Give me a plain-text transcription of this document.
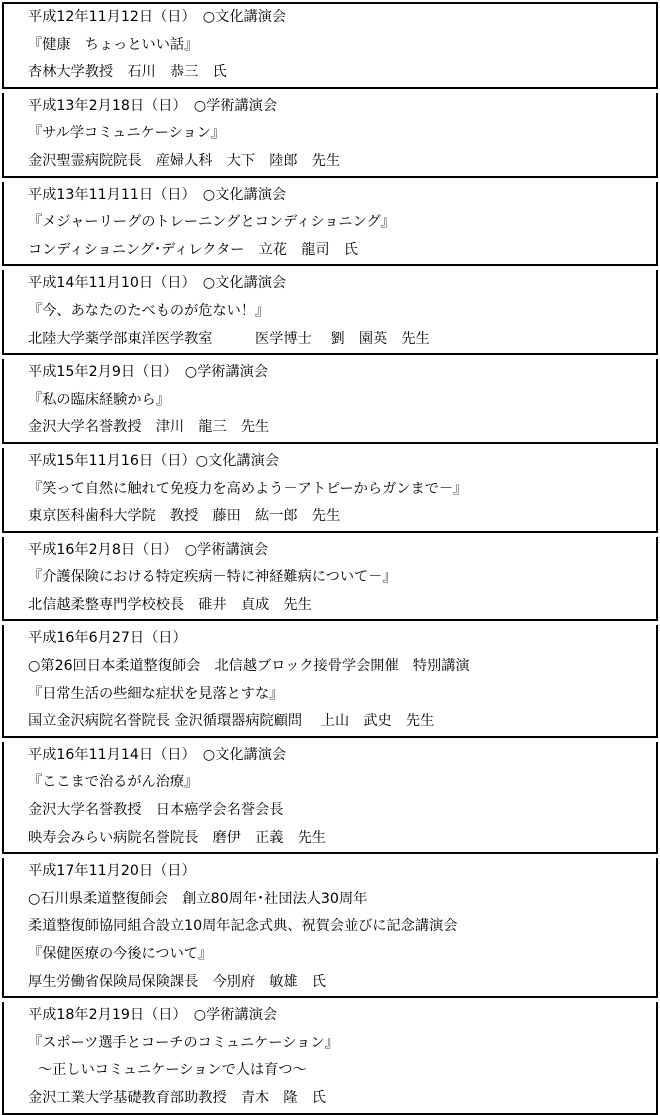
平成12年11月12日（日）　○文化講演会
『健康　ちょっといい話』
杏林大学教授　石川　恭三　氏
平成13年2月18日（日）　○学術講演会
『サル学コミュニケーション』
金沢聖霊病院院長　産婦人科　大下　陸郎　先生
平成13年11月11日（日）　○文化講演会
『メジャーリーグのトレーニングとコンディショニング』
コンディショニング･ディレクター　立花　龍司　氏
平成14年11月10日（日）　○文化講演会
『今、あなたのたべものが危ない！』
北陸大学薬学部東洋医学教室　　　医学博士　 劉　園英　先生
平成15年2月9日（日）　○学術講演会
『私の臨床経験から』
金沢大学名誉教授　津川　龍三　先生
平成15年11月16日（日）○文化講演会
『笑って自然に触れて免疫力を高めよう－アトピーからガンまで－』
東京医科歯科大学院　教授　藤田　紘一郎　先生
平成16年2月8日（日）　○学術講演会
『介護保険における特定疾病－特に神経難病について－』
北信越柔整専門学校校長　碓井　貞成　先生
平成16年6月27日（日）
○第26回日本柔道整復師会　北信越ブロック接骨学会開催　特別講演
『日常生活の些細な症状を見落とすな』
国立金沢病院名誉院長 金沢循環器病院顧問　 上山　武史　先生
平成16年11月14日（日）　○文化講演会
『ここまで治るがん治療』
金沢大学名誉教授　日本癌学会名誉会長
映寿会みらい病院名誉院長　磨伊　正義　先生
平成17年11月20日（日）
○石川県柔道整復師会　創立80周年･社団法人30周年
柔道整復師協同組合設立10周年記念式典、祝賀会並びに記念講演会
『保健医療の今後について』
厚生労働省保険局保険課長　今別府　敏雄　氏
平成18年2月19日（日）　○学術講演会
『スポーツ選手とコーチのコミュニケーション』
～正しいコミュニケーションで人は育つ～
金沢工業大学基礎教育部助教授　青木　隆　氏
